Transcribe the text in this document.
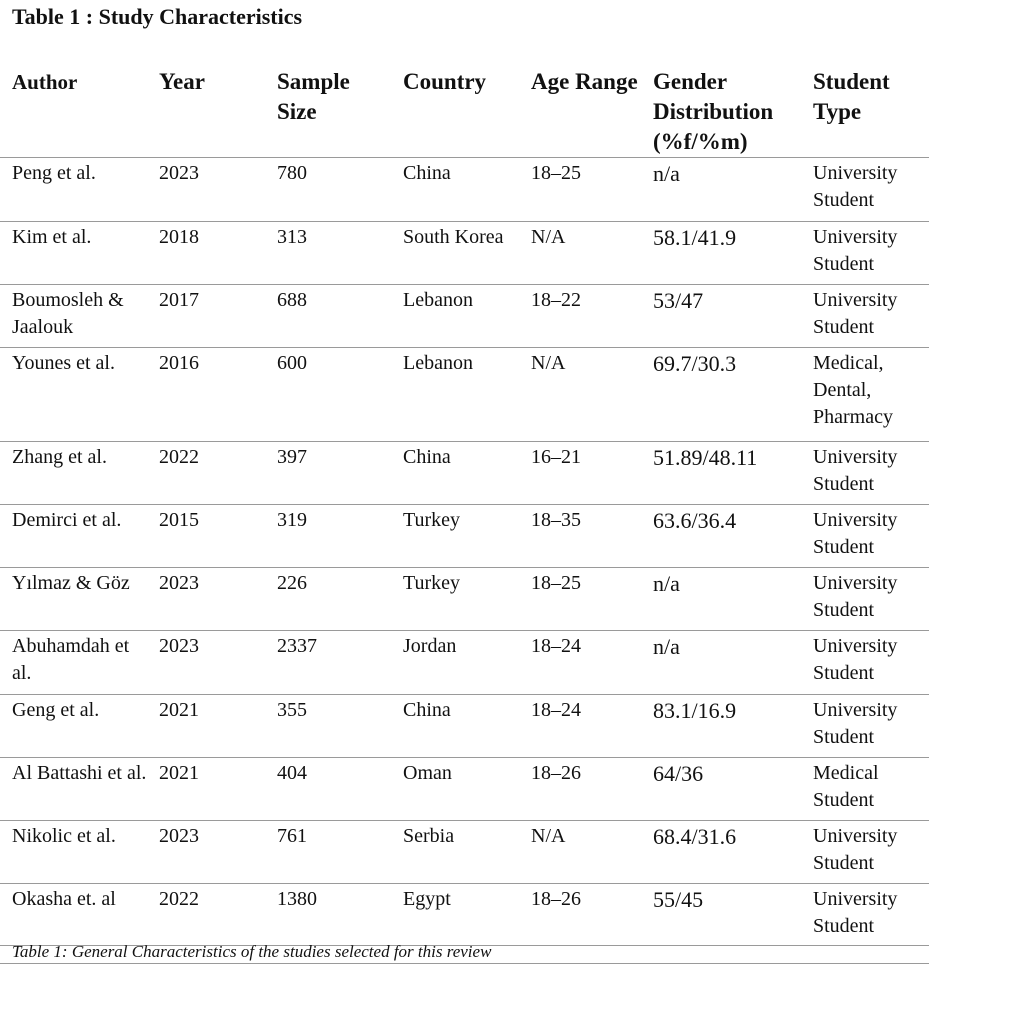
Table 1 : Study Characteristics
Author	Year	Sample Size	Country	Age Range	Gender Distribution (%f/%m)	Student Type
Peng et al.	2023	780	China	18–25	n/a	University Student
Kim et al.	2018	313	South Korea	N/A	58.1/41.9	University Student
Boumosleh & Jaalouk	2017	688	Lebanon	18–22	53/47	University Student
Younes et al.	2016	600	Lebanon	N/A	69.7/30.3	Medical, Dental, Pharmacy
Zhang et al.	2022	397	China	16–21	51.89/48.11	University Student
Demirci et al.	2015	319	Turkey	18–35	63.6/36.4	University Student
Yılmaz & Göz	2023	226	Turkey	18–25	n/a	University Student
Abuhamdah et al.	2023	2337	Jordan	18–24	n/a	University Student
Geng et al.	2021	355	China	18–24	83.1/16.9	University Student
Al Battashi et al.	2021	404	Oman	18–26	64/36	Medical Student
Nikolic et al.	2023	761	Serbia	N/A	68.4/31.6	University Student
Okasha et. al	2022	1380	Egypt	18–26	55/45	University Student
Table 1: General Characteristics of the studies selected for this review
